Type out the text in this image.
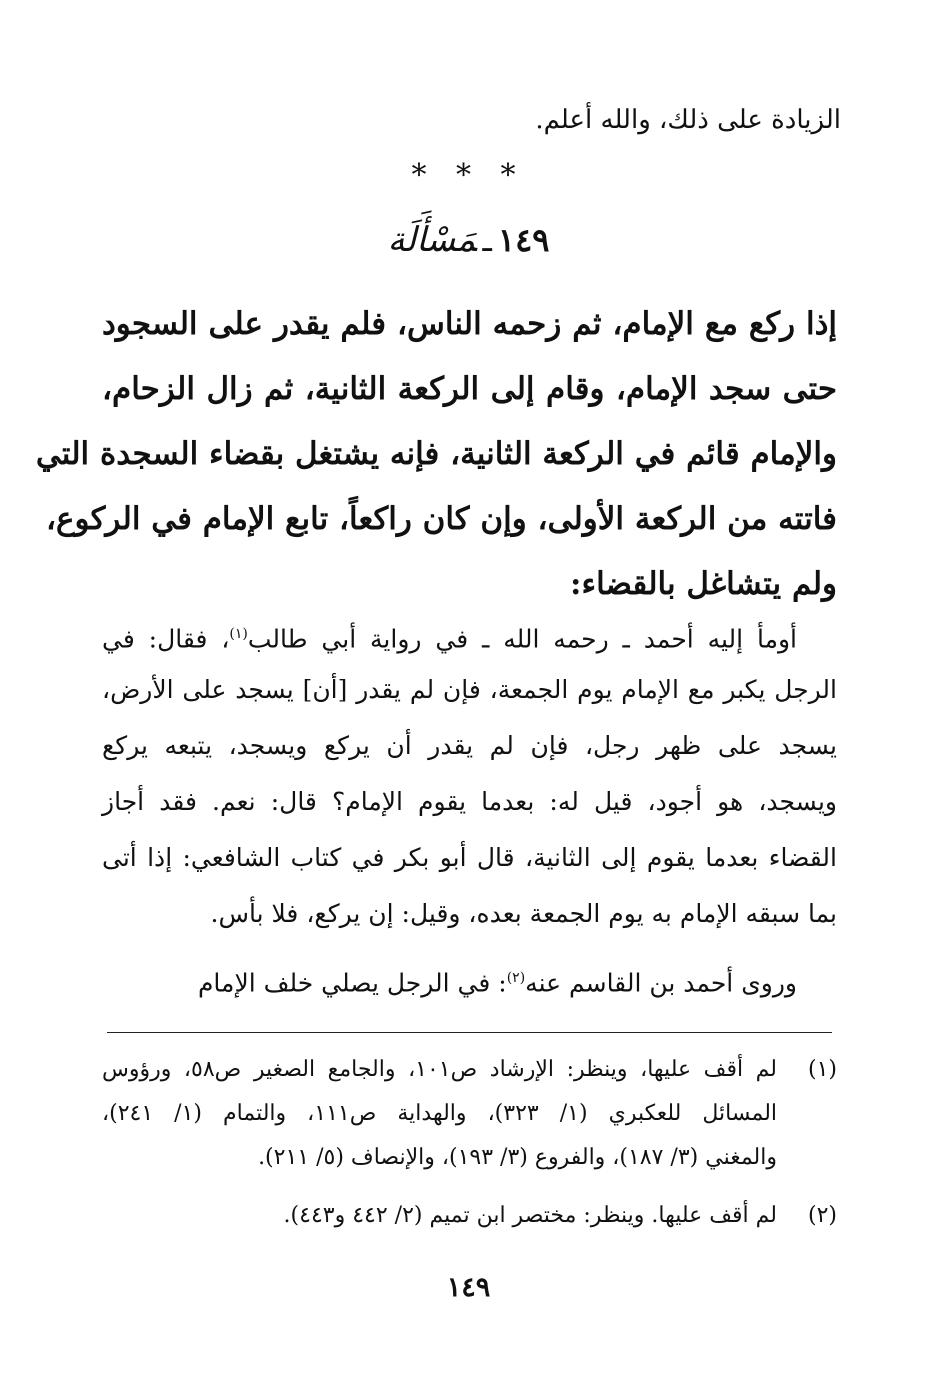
الزيادة على ذلك، والله أعلم.
* * *
١٤٩ـمَسْأَلَة
إذا ركع مع الإمام، ثم زحمه الناس، فلم يقدر على السجود
حتى سجد الإمام، وقام إلى الركعة الثانية، ثم زال الزحام،
والإمام قائم في الركعة الثانية، فإنه يشتغل بقضاء السجدة التي
فاتته من الركعة الأولى، وإن كان راكعاً، تابع الإمام في الركوع،
ولم يتشاغل بالقضاء:
أومأ إليه أحمد ـ رحمه الله ـ في رواية أبي طالب$^{(١)}$، فقال: في
الرجل يكبر مع الإمام يوم الجمعة، فإن لم يقدر [أن] يسجد على الأرض،
يسجد على ظهر رجل، فإن لم يقدر أن يركع ويسجد، يتبعه يركع
ويسجد، هو أجود، قيل له: بعدما يقوم الإمام؟ قال: نعم. فقد أجاز
القضاء بعدما يقوم إلى الثانية، قال أبو بكر في كتاب الشافعي: إذا أتى
بما سبقه الإمام به يوم الجمعة بعده، وقيل: إن يركع، فلا بأس.
وروى أحمد بن القاسم عنه$^{(٢)}$: في الرجل يصلي خلف الإمام
(١)لم أقف عليها، وينظر: الإرشاد ص١٠١، والجامع الصغير ص٥٨، ورؤوس
المسائل للعكبري (١/ ٣٢٣)، والهداية ص١١١، والتمام (١/ ٢٤١)،
والمغني (٣/ ١٨٧)، والفروع (٣/ ١٩٣)، والإنصاف (٥/ ٢١١).
(٢)لم أقف عليها. وينظر: مختصر ابن تميم (٢/ ٤٤٢ و٤٤٣).
١٤٩
